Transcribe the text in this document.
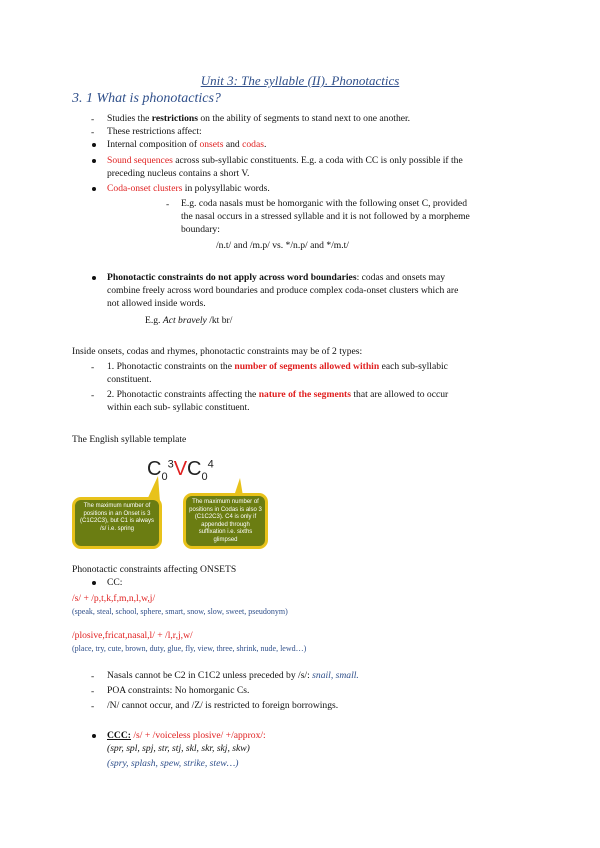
Unit 3: The syllable (II). Phonotactics
3. 1 What is phonotactics?
- Studies the restrictions on the ability of segments to stand next to one another.
- These restrictions affect:
Internal composition of onsets and codas.
Sound sequences across sub-syllabic constituents. E.g. a coda with CC is only possible if the
preceding nucleus contains a short V.
Coda-onset clusters in polysyllabic words.
- E.g. coda nasals must be homorganic with the following onset C, provided
the nasal occurs in a stressed syllable and it is not followed by a morpheme
boundary:
/n.t/ and /m.p/ vs. */n.p/ and */m.t/
Phonotactic constraints do not apply across word boundaries: codas and onsets may
combine freely across word boundaries and produce complex coda-onset clusters which are
not allowed inside words.
E.g. Act bravely /kt br/
Inside onsets, codas and rhymes, phonotactic constraints may be of 2 types:
- 1. Phonotactic constraints on the number of segments allowed within each sub-syllabic
constituent.
- 2. Phonotactic constraints affecting the nature of the segments that are allowed to occur
within each sub- syllabic constituent.
The English syllable template
$C_0^3VC_0^4$
The maximum number of positions in an Onset is 3 (C1C2C3), but C1 is always /s/ i.e. spring
The maximum number of positions in Codas is also 3 (C1C2C3). C4 is only if appended through suffixation i.e. sixths glimpsed
Phonotactic constraints affecting ONSETS
CC:
/s/ + /p,t,k,f,m,n,l,w,j/
(speak, steal, school, sphere, smart, snow, slow, sweet, pseudonym)
/plosive,fricat,nasal,l/ + /l,r,j,w/
(place, try, cute, brown, duty, glue, fly, view, three, shrink, nude, lewd…)
- Nasals cannot be C2 in C1C2 unless preceded by /s/: snail, small.
- POA constraints: No homorganic Cs.
- /N/ cannot occur, and /Z/ is restricted to foreign borrowings.
CCC: /s/ + /voiceless plosive/ +/approx/:
(spr, spl, spj, str, stj, skl, skr, skj, skw)
(spry, splash, spew, strike, stew…)
